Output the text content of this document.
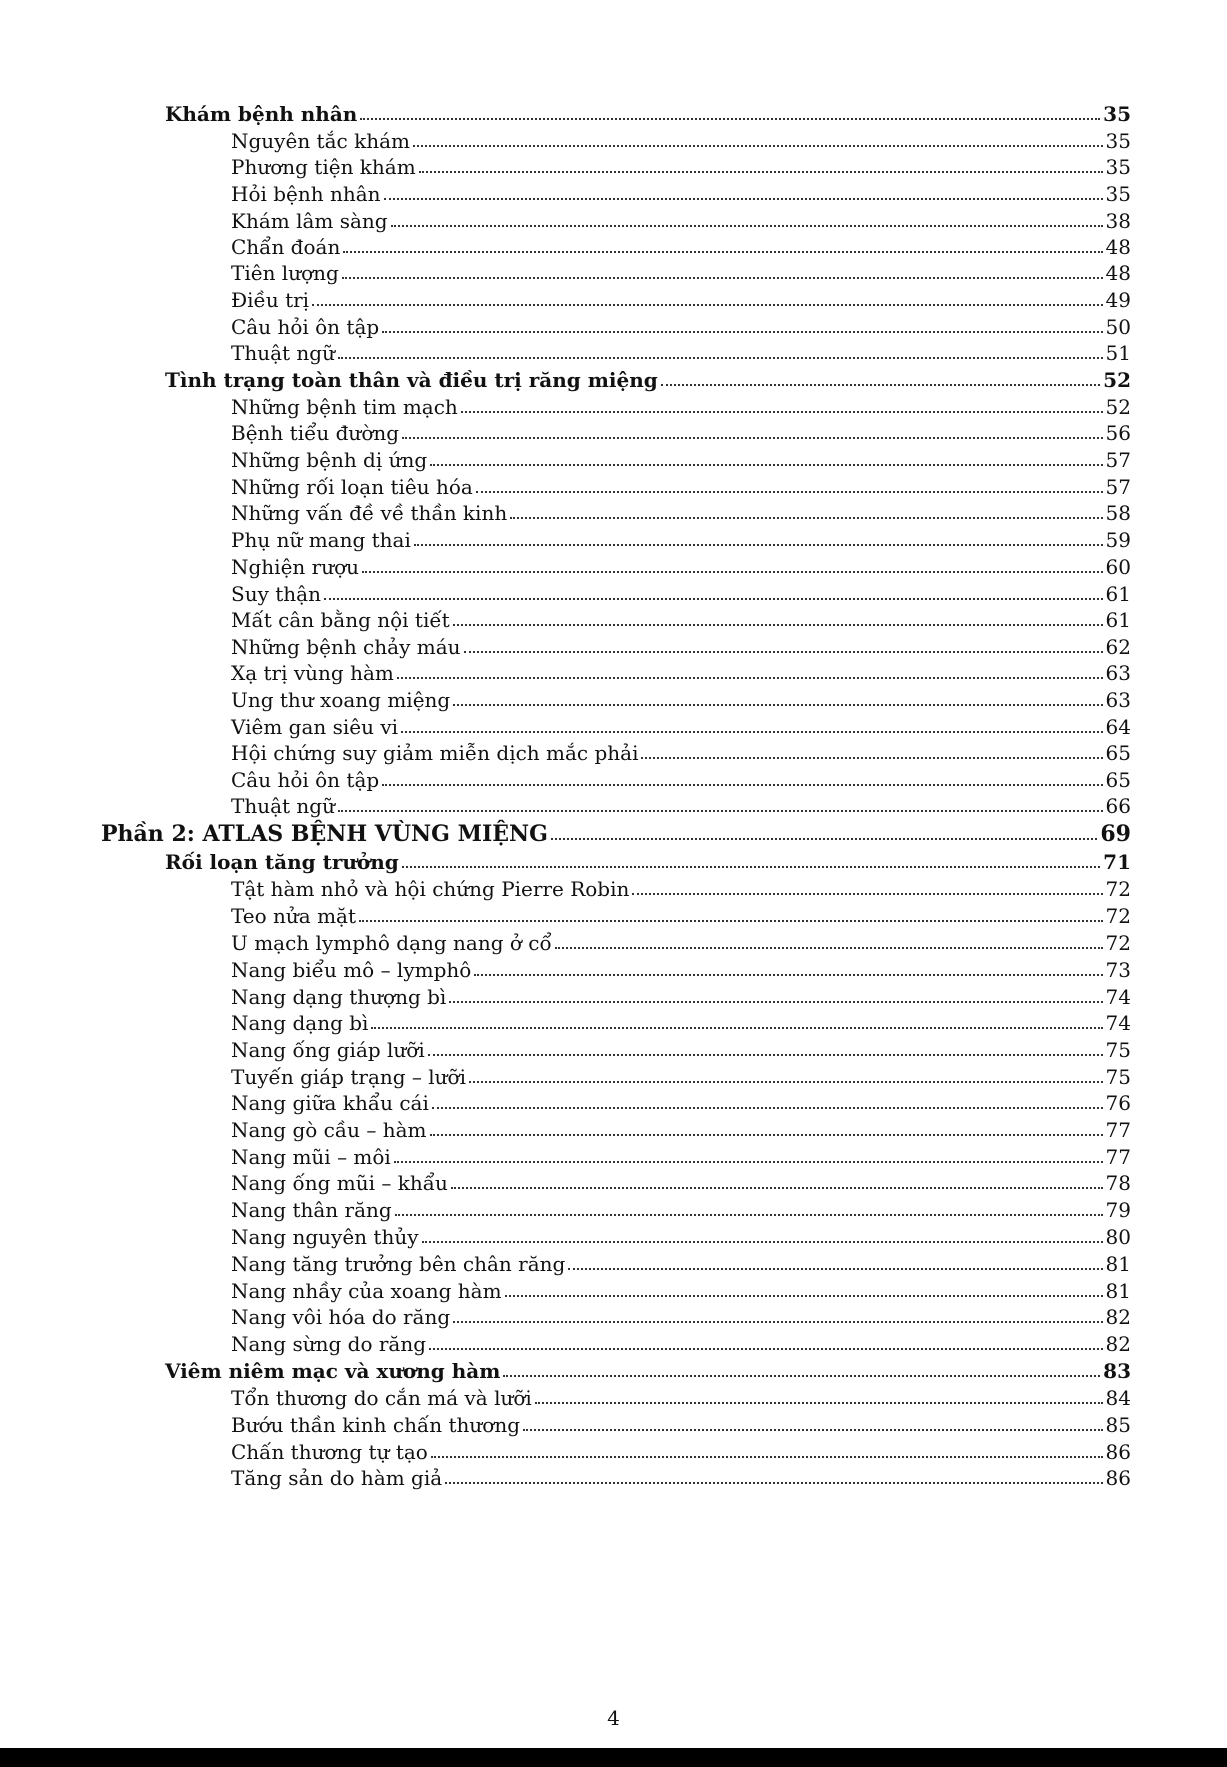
Khám bệnh nhân	35
Nguyên tắc khám	35
Phương tiện khám	35
Hỏi bệnh nhân	35
Khám lâm sàng	38
Chẩn đoán	48
Tiên lượng	48
Điều trị	49
Câu hỏi ôn tập	50
Thuật ngữ	51
Tình trạng toàn thân và điều trị răng miệng	52
Những bệnh tim mạch	52
Bệnh tiểu đường	56
Những bệnh dị ứng	57
Những rối loạn tiêu hóa	57
Những vấn đề về thần kinh	58
Phụ nữ mang thai	59
Nghiện rượu	60
Suy thận	61
Mất cân bằng nội tiết	61
Những bệnh chảy máu	62
Xạ trị vùng hàm	63
Ung thư xoang miệng	63
Viêm gan siêu vi	64
Hội chứng suy giảm miễn dịch mắc phải	65
Câu hỏi ôn tập	65
Thuật ngữ	66
Phần 2: ATLAS BỆNH VÙNG MIỆNG	69
Rối loạn tăng trưởng	71
Tật hàm nhỏ và hội chứng Pierre Robin	72
Teo nửa mặt	72
U mạch lymphô dạng nang ở cổ	72
Nang biểu mô – lymphô	73
Nang dạng thượng bì	74
Nang dạng bì	74
Nang ống giáp lưỡi	75
Tuyến giáp trạng – lưỡi	75
Nang giữa khẩu cái	76
Nang gò cầu – hàm	77
Nang mũi – môi	77
Nang ống mũi – khẩu	78
Nang thân răng	79
Nang nguyên thủy	80
Nang tăng trưởng bên chân răng	81
Nang nhầy của xoang hàm	81
Nang vôi hóa do răng	82
Nang sừng do răng	82
Viêm niêm mạc và xương hàm	83
Tổn thương do cắn má và lưỡi	84
Bướu thần kinh chấn thương	85
Chấn thương tự tạo	86
Tăng sản do hàm giả	86
4
